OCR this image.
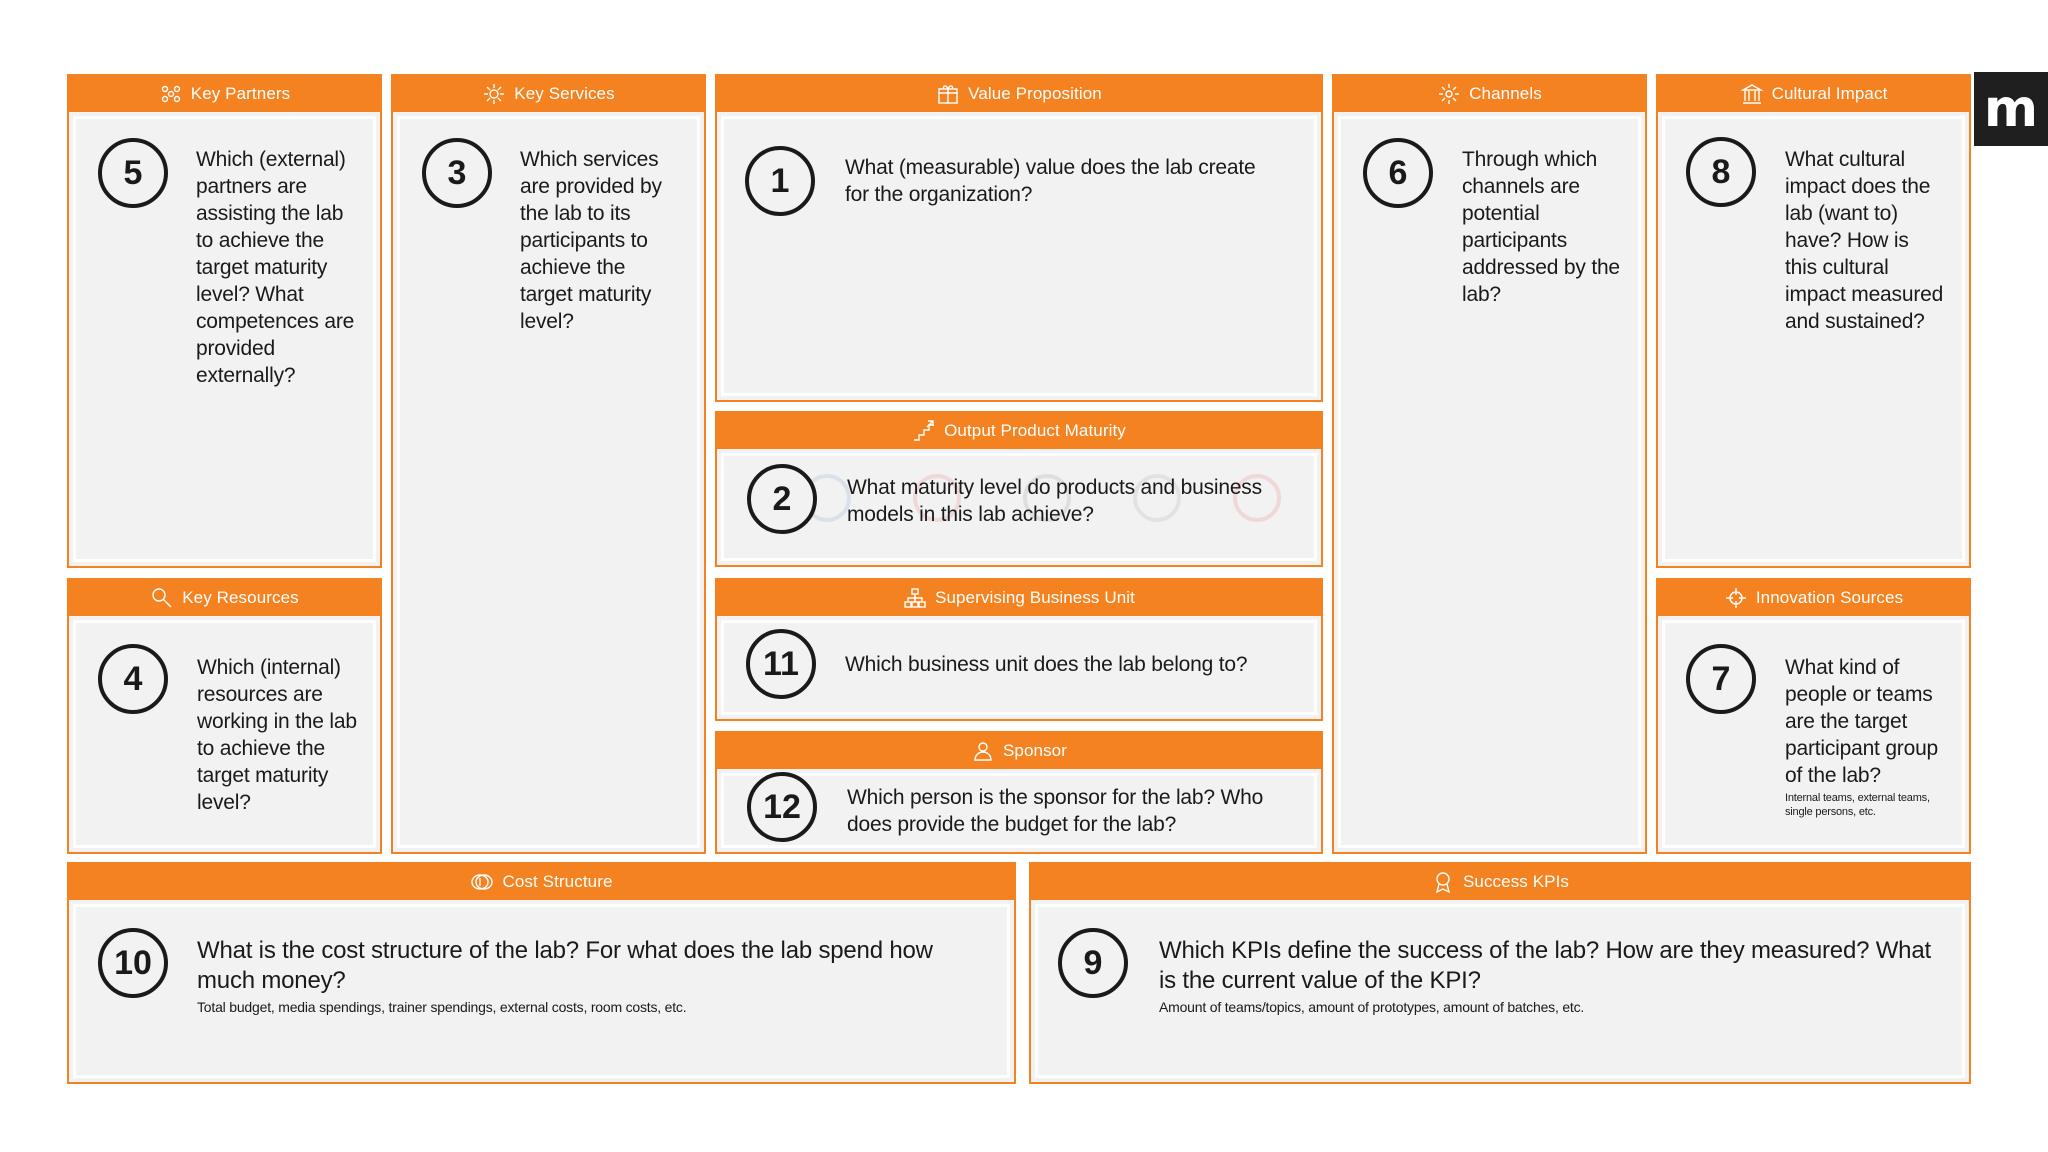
m
Key Partners
5	Which (external) partners are assisting the lab to achieve the target maturity level? What competences are provided externally?
Key Services
3	Which services are provided by the lab to its participants to achieve the target maturity level?
Value Proposition
1	What (measurable) value does the lab create for the organization?
Output Product Maturity
2	What maturity level do products and business models in this lab achieve?
Supervising Business Unit
11	Which business unit does the lab belong to?
Sponsor
12	Which person is the sponsor for the lab? Who does provide the budget for the lab?
Channels
6	Through which channels are potential participants addressed by the lab?
Cultural Impact
8	What cultural impact does the lab (want to) have? How is this cultural impact measured and sustained?
Key Resources
4	Which (internal) resources are working in the lab to achieve the target maturity level?
Innovation Sources
7	What kind of people or teams are the target participant group of the lab?
Internal teams, external teams, single persons, etc.
Cost Structure
10	What is the cost structure of the lab? For what does the lab spend how much money?
Total budget, media spendings, trainer spendings, external costs, room costs, etc.
Success KPIs
9	Which KPIs define the success of the lab? How are they measured? What is the current value of the KPI?
Amount of teams/topics, amount of prototypes, amount of batches, etc.
